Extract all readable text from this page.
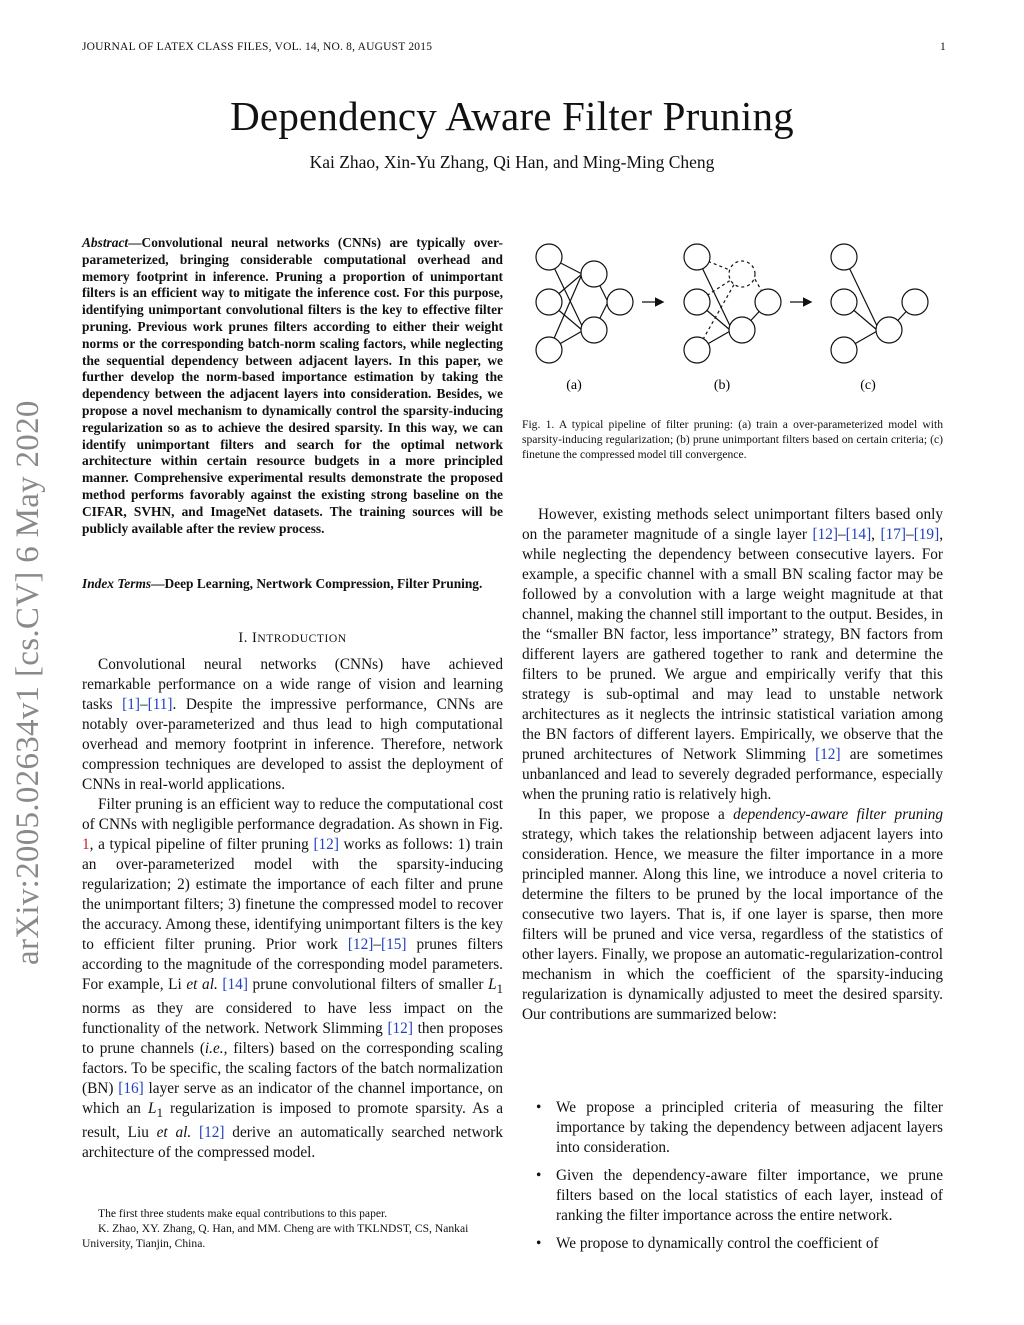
JOURNAL OF LATEX CLASS FILES, VOL. 14, NO. 8, AUGUST 2015	1
Dependency Aware Filter Pruning
Kai Zhao, Xin-Yu Zhang, Qi Han, and Ming-Ming Cheng
arXiv:2005.02634v1 [cs.CV] 6 May 2020
Abstract—Convolutional neural networks (CNNs) are typically over-parameterized, bringing considerable computational overhead and memory footprint in inference. Pruning a proportion of unimportant filters is an efficient way to mitigate the inference cost. For this purpose, identifying unimportant convolutional filters is the key to effective filter pruning. Previous work prunes filters according to either their weight norms or the corresponding batch-norm scaling factors, while neglecting the sequential dependency between adjacent layers. In this paper, we further develop the norm-based importance estimation by taking the dependency between the adjacent layers into consideration. Besides, we propose a novel mechanism to dynamically control the sparsity-inducing regularization so as to achieve the desired sparsity. In this way, we can identify unimportant filters and search for the optimal network architecture within certain resource budgets in a more principled manner. Comprehensive experimental results demonstrate the proposed method performs favorably against the existing strong baseline on the CIFAR, SVHN, and ImageNet datasets. The training sources will be publicly available after the review process.
Index Terms—Deep Learning, Nertwork Compression, Filter Pruning.
I. INTRODUCTION

Convolutional neural networks (CNNs) have achieved remarkable performance on a wide range of vision and learning tasks [1]–[11]. Despite the impressive performance, CNNs are notably over-parameterized and thus lead to high computational overhead and memory footprint in inference. Therefore, network compression techniques are developed to assist the deployment of CNNs in real-world applications.

Filter pruning is an efficient way to reduce the computational cost of CNNs with negligible performance degradation. As shown in Fig. 1, a typical pipeline of filter pruning [12] works as follows: 1) train an over-parameterized model with the sparsity-inducing regularization; 2) estimate the importance of each filter and prune the unimportant filters; 3) finetune the compressed model to recover the accuracy. Among these, identifying unimportant filters is the key to efficient filter pruning. Prior work [12]–[15] prunes filters according to the magnitude of the corresponding model parameters. For example, Li et al. [14] prune convolutional filters of smaller $L_1$ norms as they are considered to have less impact on the functionality of the network. Network Slimming [12] then proposes to prune channels (i.e., filters) based on the corresponding scaling factors. To be specific, the scaling factors of the batch normalization (BN) [16] layer serve as an indicator of the channel importance, on which an $L_1$ regularization is imposed to promote sparsity. As a result, Liu et al. [12] derive an automatically searched network architecture of the compressed model.

The first three students make equal contributions to this paper.

K. Zhao, XY. Zhang, Q. Han, and MM. Cheng are with TKLNDST, CS, Nankai University, Tianjin, China.

(a)	(b)	(c)
Fig. 1. A typical pipeline of filter pruning: (a) train a over-parameterized model with sparsity-inducing regularization; (b) prune unimportant filters based on certain criteria; (c) finetune the compressed model till convergence.

However, existing methods select unimportant filters based only on the parameter magnitude of a single layer [12]–[14], [17]–[19], while neglecting the dependency between consecutive layers. For example, a specific channel with a small BN scaling factor may be followed by a convolution with a large weight magnitude at that channel, making the channel still important to the output. Besides, in the “smaller BN factor, less importance” strategy, BN factors from different layers are gathered together to rank and determine the filters to be pruned. We argue and empirically verify that this strategy is sub-optimal and may lead to unstable network architectures as it neglects the intrinsic statistical variation among the BN factors of different layers. Empirically, we observe that the pruned architectures of Network Slimming [12] are sometimes unbanlanced and lead to severely degraded performance, especially when the pruning ratio is relatively high.

In this paper, we propose a dependency-aware filter pruning strategy, which takes the relationship between adjacent layers into consideration. Hence, we measure the filter importance in a more principled manner. Along this line, we introduce a novel criteria to determine the filters to be pruned by the local importance of the consecutive two layers. That is, if one layer is sparse, then more filters will be pruned and vice versa, regardless of the statistics of other layers. Finally, we propose an automatic-regularization-control mechanism in which the coefficient of the sparsity-inducing regularization is dynamically adjusted to meet the desired sparsity. Our contributions are summarized below:

• We propose a principled criteria of measuring the filter importance by taking the dependency between adjacent layers into consideration.
• Given the dependency-aware filter importance, we prune filters based on the local statistics of each layer, instead of ranking the filter importance across the entire network.
• We propose to dynamically control the coefficient of
